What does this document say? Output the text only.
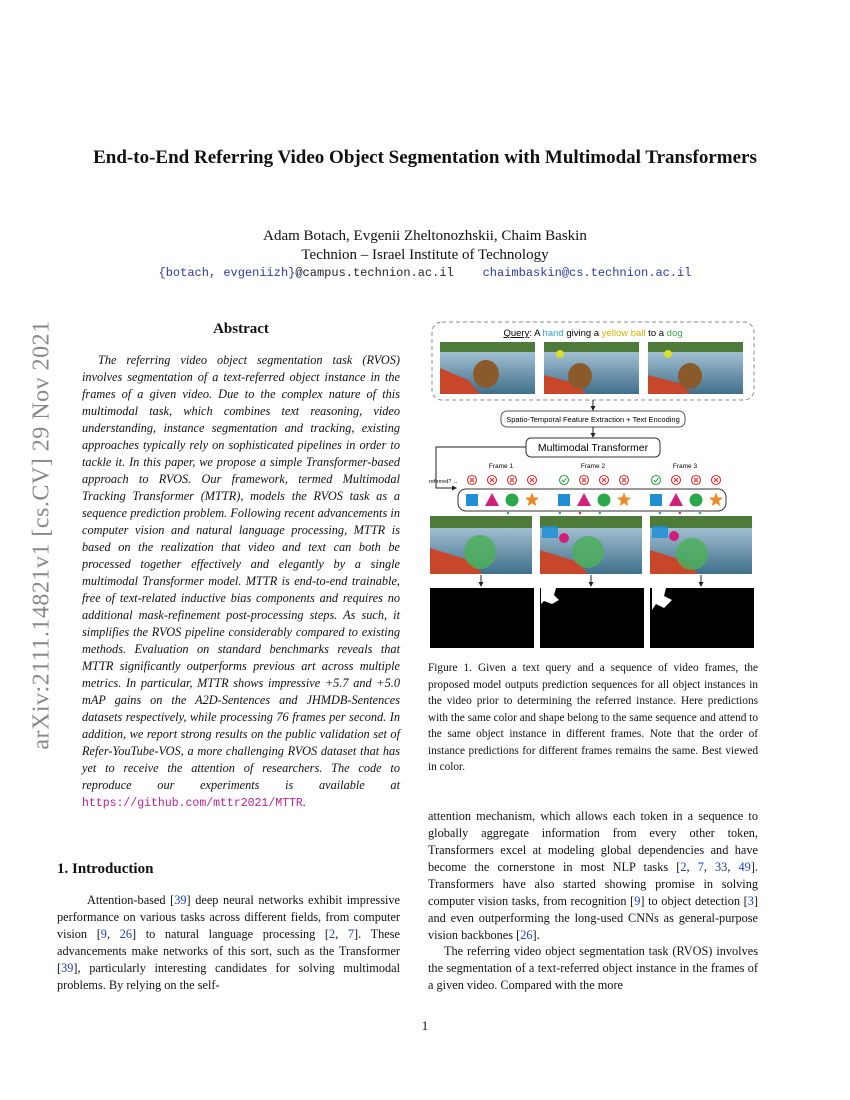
End-to-End Referring Video Object Segmentation with Multimodal Transformers
Adam Botach, Evgenii Zheltonozhskii, Chaim Baskin
Technion – Israel Institute of Technology
{botach, evgeniizh}@campus.technion.ac.il chaimbaskin@cs.technion.ac.il
arXiv:2111.14821v1 [cs.CV] 29 Nov 2021	Abstract
The referring video object segmentation task (RVOS) involves segmentation of a text-referred object instance in the frames of a given video. Due to the complex nature of this multimodal task, which combines text reasoning, video understanding, instance segmentation and tracking, existing approaches typically rely on sophisticated pipelines in order to tackle it. In this paper, we propose a simple Transformer-based approach to RVOS. Our framework, termed Multimodal Tracking Transformer (MTTR), models the RVOS task as a sequence prediction problem. Following recent advancements in computer vision and natural language processing, MTTR is based on the realization that video and text can both be processed together effectively and elegantly by a single multimodal Transformer model. MTTR is end-to-end trainable, free of text-related inductive bias components and requires no additional mask-refinement post-processing steps. As such, it simplifies the RVOS pipeline considerably compared to existing methods. Evaluation on standard benchmarks reveals that MTTR significantly outperforms previous art across multiple metrics. In particular, MTTR shows impressive +5.7 and +5.0 mAP gains on the A2D-Sentences and JHMDB-Sentences datasets respectively, while processing 76 frames per second. In addition, we report strong results on the public validation set of Refer-YouTube-VOS, a more challenging RVOS dataset that has yet to receive the attention of researchers. The code to reproduce our experiments is available at https://github.com/mttr2021/MTTR.
1. Introduction
Attention-based [39] deep neural networks exhibit impressive performance on various tasks across different fields, from computer vision [9, 26] to natural language processing [2, 7]. These advancements make networks of this sort, such as the Transformer [39], particularly interesting candidates for solving multimodal problems. By relying on the self-
attention mechanism, which allows each token in a sequence to globally aggregate information from every other token, Transformers excel at modeling global dependencies and have become the cornerstone in most NLP tasks [2, 7, 33, 49]. Transformers have also started showing promise in solving computer vision tasks, from recognition [9] to object detection [3] and even outperforming the long-used CNNs as general-purpose vision backbones [26].
The referring video object segmentation task (RVOS) involves the segmentation of a text-referred object instance in the frames of a given video. Compared with the more
Query: A hand giving a yellow ball to a dog
Spatio-Temporal Feature Extraction + Text Encoding
Multimodal Transformer
Frame 1	Frame 2	Frame 3
referred? →
Figure 1. Given a text query and a sequence of video frames, the proposed model outputs prediction sequences for all object instances in the video prior to determining the referred instance. Here predictions with the same color and shape belong to the same sequence and attend to the same object instance in different frames. Note that the order of instance predictions for different frames remains the same. Best viewed in color.
1
